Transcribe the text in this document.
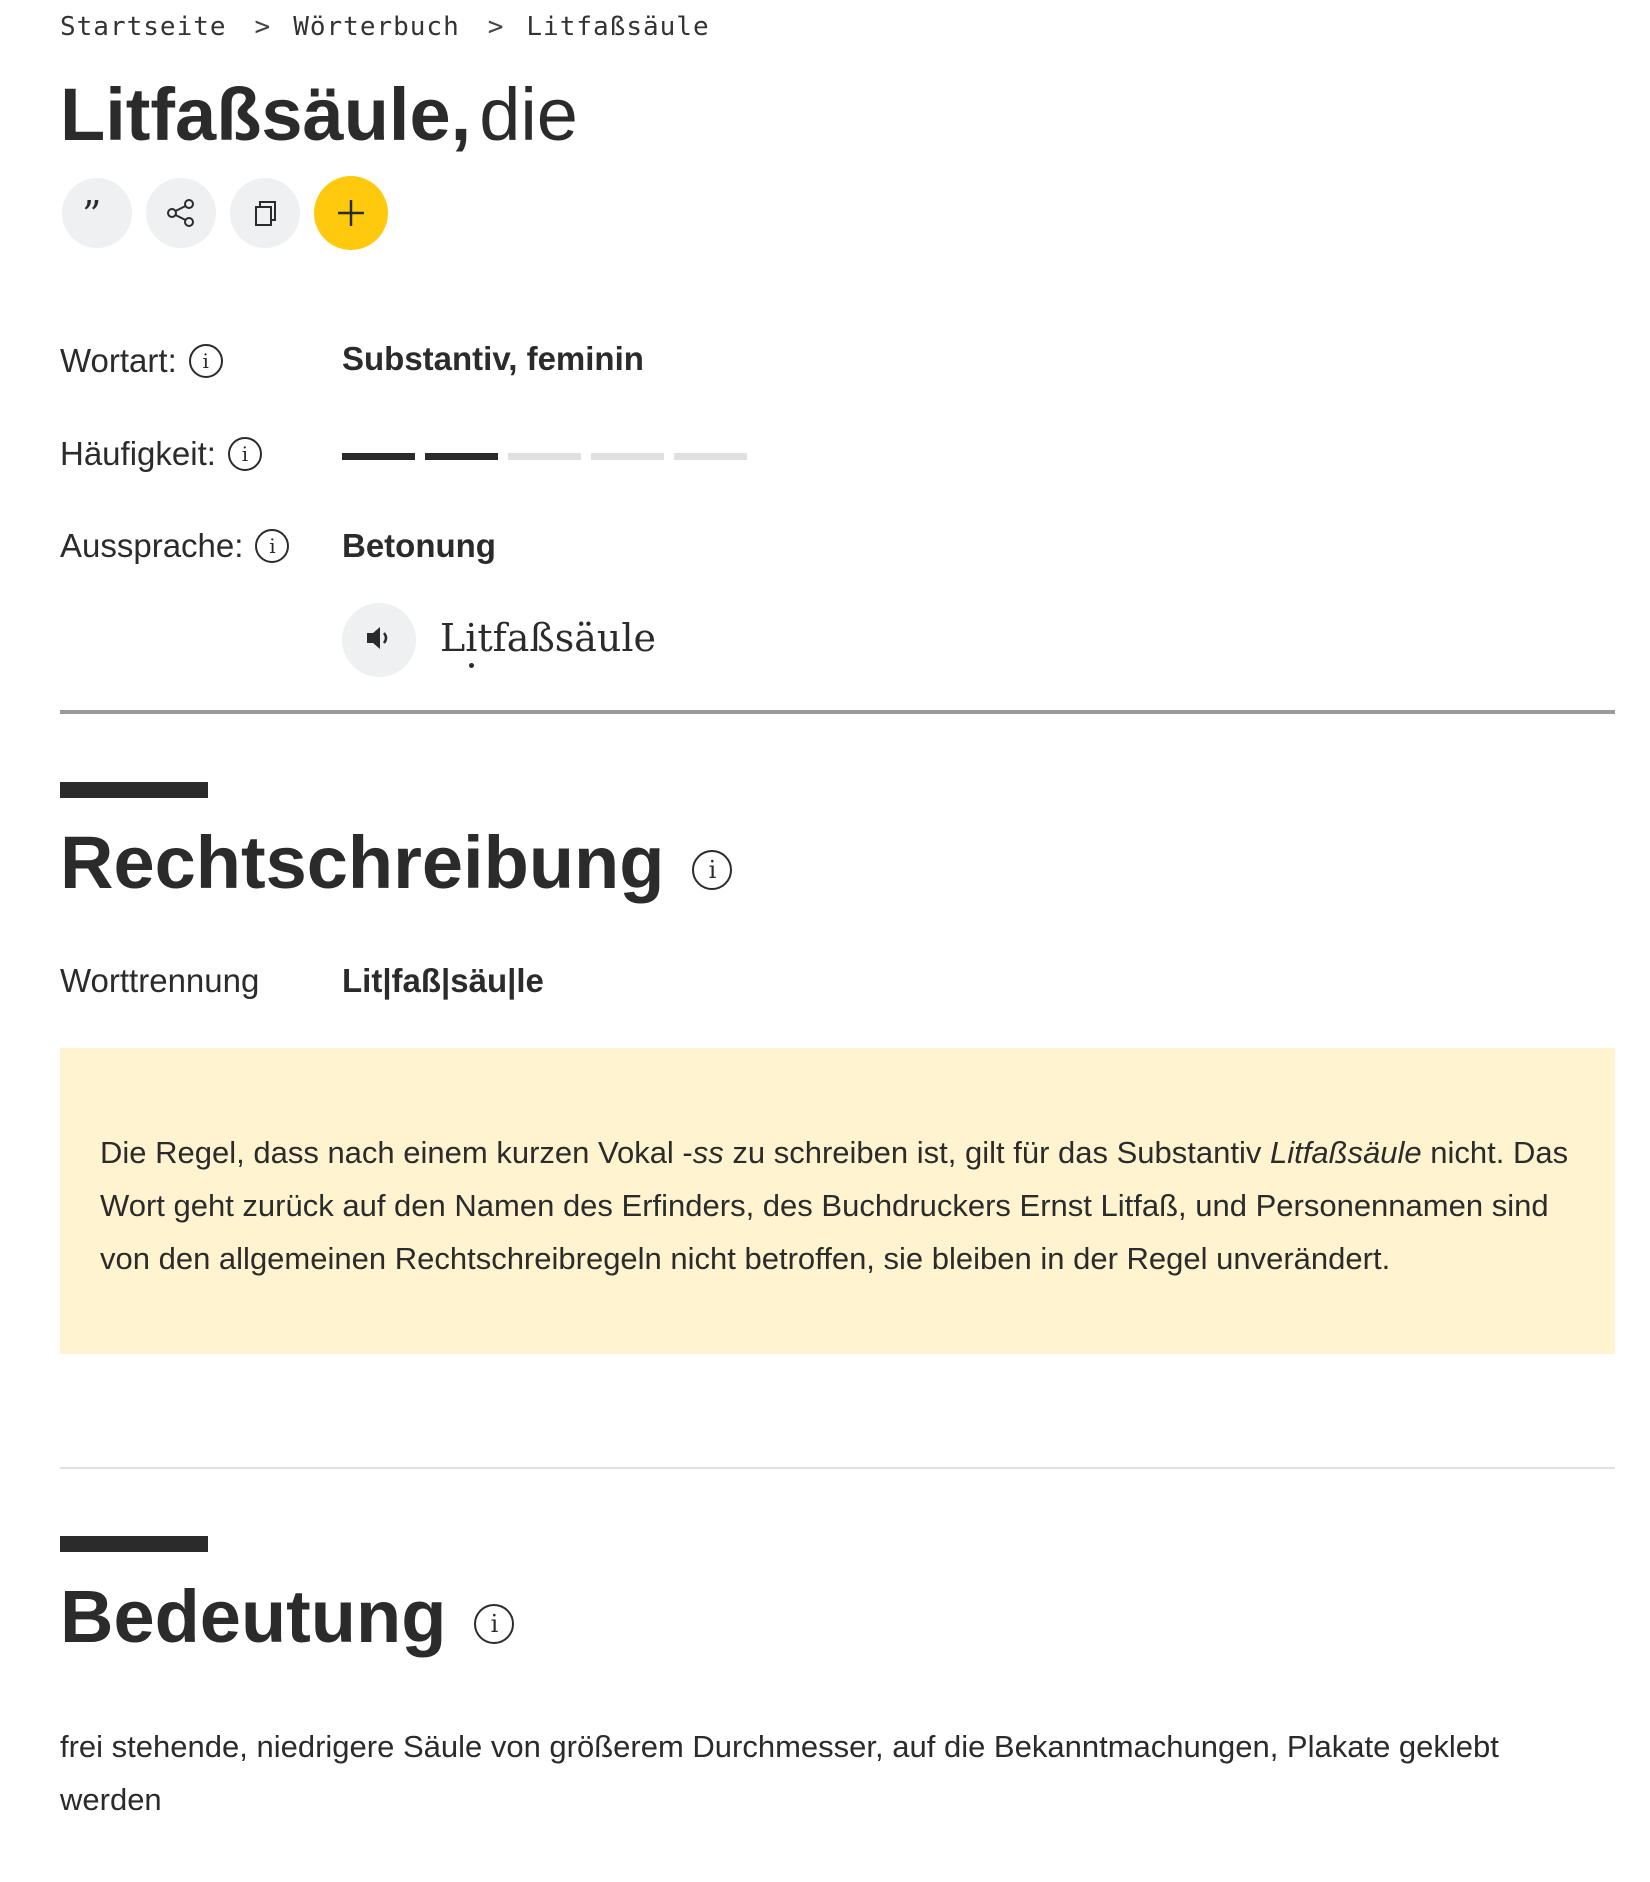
Startseite > Wörterbuch > Litfaßsäule
Litfaßsäule, die
”
Wortart:	i	Substantiv, feminin
Häufigkeit:	i
Aussprache:	i	Betonung
Litfaßsäule
Rechtschreibung	i
Worttrennung	Lit|faß|säu|le

Die Regel, dass nach einem kurzen Vokal -ss zu schreiben ist, gilt für das Substantiv Litfaßsäule nicht. Das Wort geht zurück auf den Namen des Erfinders, des Buchdruckers Ernst Litfaß, und Personennamen sind von den allgemeinen Rechtschreibregeln nicht betroffen, sie bleiben in der Regel unverändert.

Bedeutung	i

frei stehende, niedrigere Säule von größerem Durchmesser, auf die Bekanntmachungen, Plakate geklebt werden
